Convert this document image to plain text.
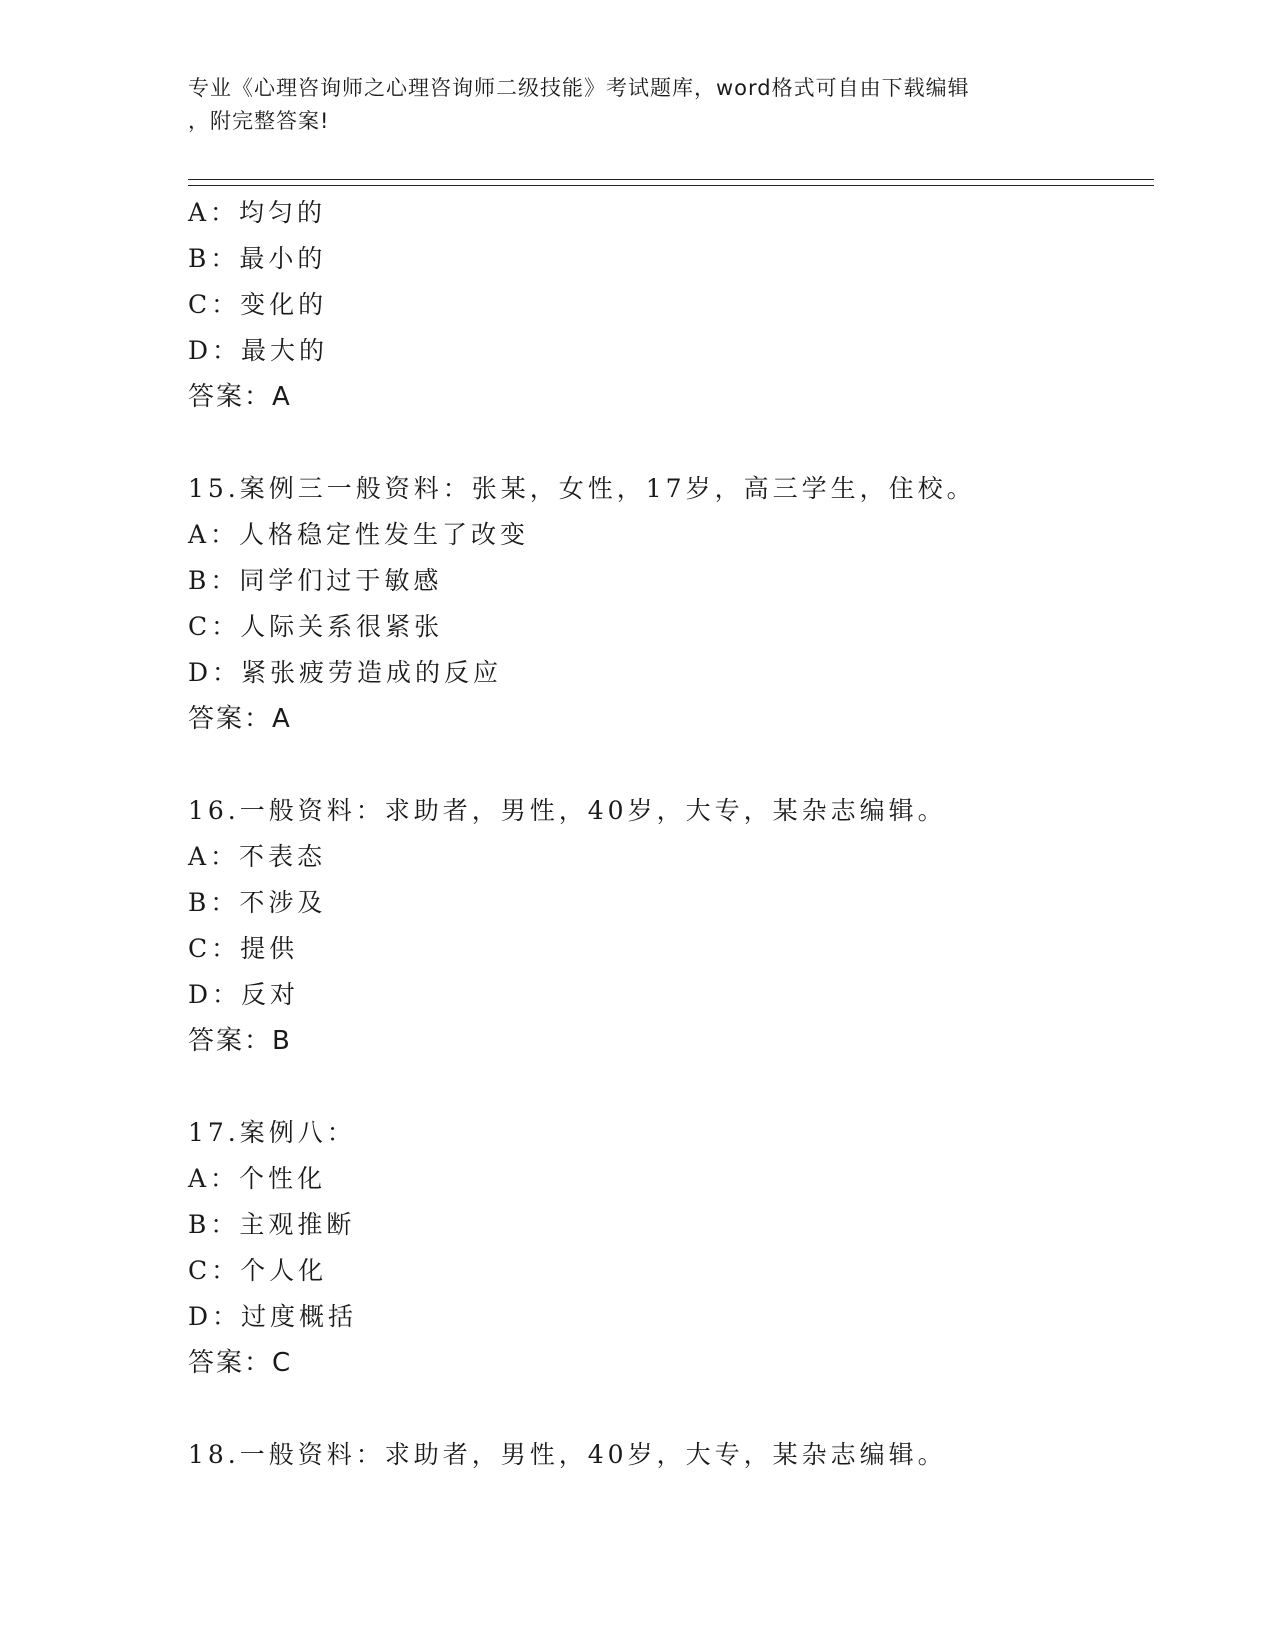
专业《心理咨询师之心理咨询师二级技能》考试题库，word格式可自由下载编辑
，附完整答案!
A：均匀的
B：最小的
C：变化的
D：最大的
答案：A
15.案例三一般资料：张某，女性，17岁，高三学生，住校。
A：人格稳定性发生了改变
B：同学们过于敏感
C：人际关系很紧张
D：紧张疲劳造成的反应
答案：A
16.一般资料：求助者，男性，40岁，大专，某杂志编辑。
A：不表态
B：不涉及
C：提供
D：反对
答案：B
17.案例八：
A：个性化
B：主观推断
C：个人化
D：过度概括
答案：C
18.一般资料：求助者，男性，40岁，大专，某杂志编辑。
